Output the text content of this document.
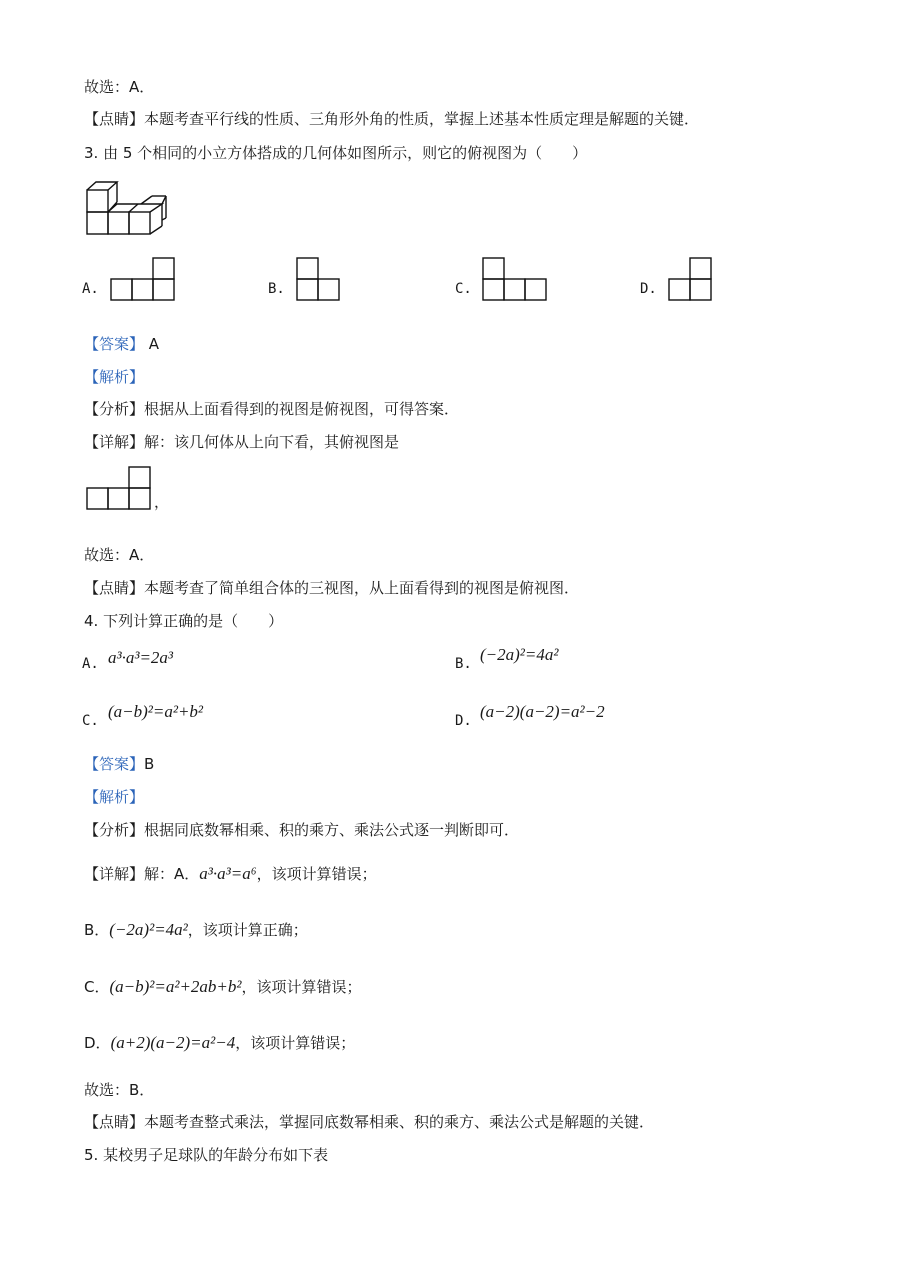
故选：A．
【点睛】本题考查平行线的性质、三角形外角的性质，掌握上述基本性质定理是解题的关键．
3. 由 5 个相同的小立方体搭成的几何体如图所示，则它的俯视图为（　　）
A.	B.	C.	D.
【答案】 A
【解析】
【分析】根据从上面看得到的视图是俯视图，可得答案．
【详解】解：该几何体从上向下看，其俯视图是
，
故选：A．
【点睛】本题考查了简单组合体的三视图，从上面看得到的视图是俯视图．
4. 下列计算正确的是（　　）
A. a³·a³=2a³	B. (−2a)²=4a²
C. (a−b)²=a²+b²	D. (a−2)(a−2)=a²−2
【答案】B
【解析】
【分析】根据同底数幂相乘、积的乘方、乘法公式逐一判断即可．
【详解】解：A．a³·a³=a⁶，该项计算错误；
B．(−2a)²=4a²，该项计算正确；
C．(a−b)²=a²+2ab+b²，该项计算错误；
D．(a+2)(a−2)=a²−4，该项计算错误；
故选：B．
【点睛】本题考查整式乘法，掌握同底数幂相乘、积的乘方、乘法公式是解题的关键．
5. 某校男子足球队的年龄分布如下表
